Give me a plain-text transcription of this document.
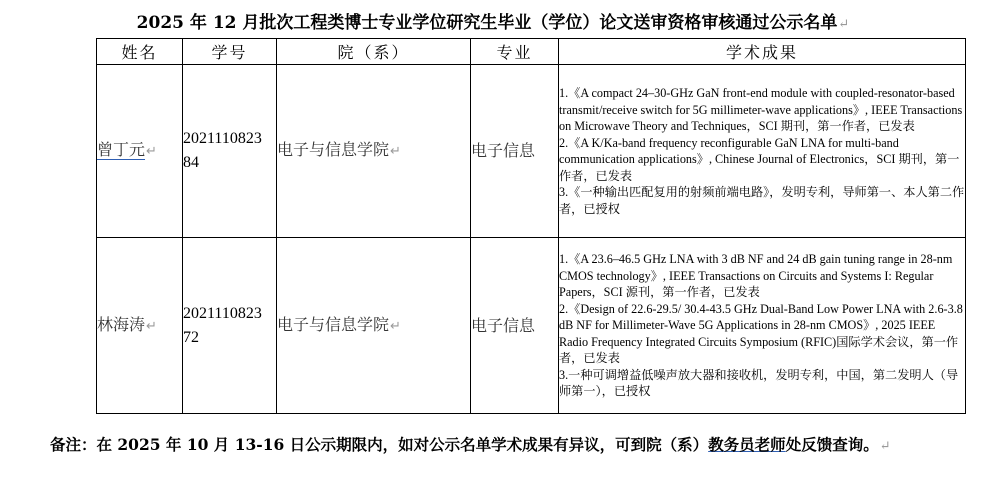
2025 年 12 月批次工程类博士专业学位研究生毕业（学位）论文送审资格审核通过公示名单↵
姓名	学号	院（系）	专业	学术成果
曾丁元↵	202111082384	电子与信息学院↵	电子信息	1.《A compact 24–30-GHz GaN front-end module with coupled-resonator-based transmit/receive switch for 5G millimeter-wave applications》, IEEE Transactions on Microwave Theory and Techniques，SCI 期刊，第一作者，已发表
2.《A K/Ka-band frequency reconfigurable GaN LNA for multi-band communication applications》, Chinese Journal of Electronics，SCI 期刊，第一作者，已发表
3.《一种输出匹配复用的射频前端电路》，发明专利，导师第一、本人第二作者，已授权

林海涛↵	202111082372	电子与信息学院↵	电子信息	1.《A 23.6–46.5 GHz LNA with 3 dB NF and 24 dB gain tuning range in 28-nm CMOS technology》, IEEE Transactions on Circuits and Systems I: Regular Papers，SCI 源刊，第一作者，已发表
2.《Design of 22.6-29.5/ 30.4-43.5 GHz Dual-Band Low Power LNA with 2.6-3.8 dB NF for Millimeter-Wave 5G Applications in 28-nm CMOS》, 2025 IEEE Radio Frequency Integrated Circuits Symposium (RFIC)国际学术会议，第一作者，已发表
3.一种可调增益低噪声放大器和接收机，发明专利，中国，第二发明人（导师第一），已授权
备注：在 2025 年 10 月 13-16 日公示期限内，如对公示名单学术成果有异议，可到院（系）教务员老师处反馈查询。↵
